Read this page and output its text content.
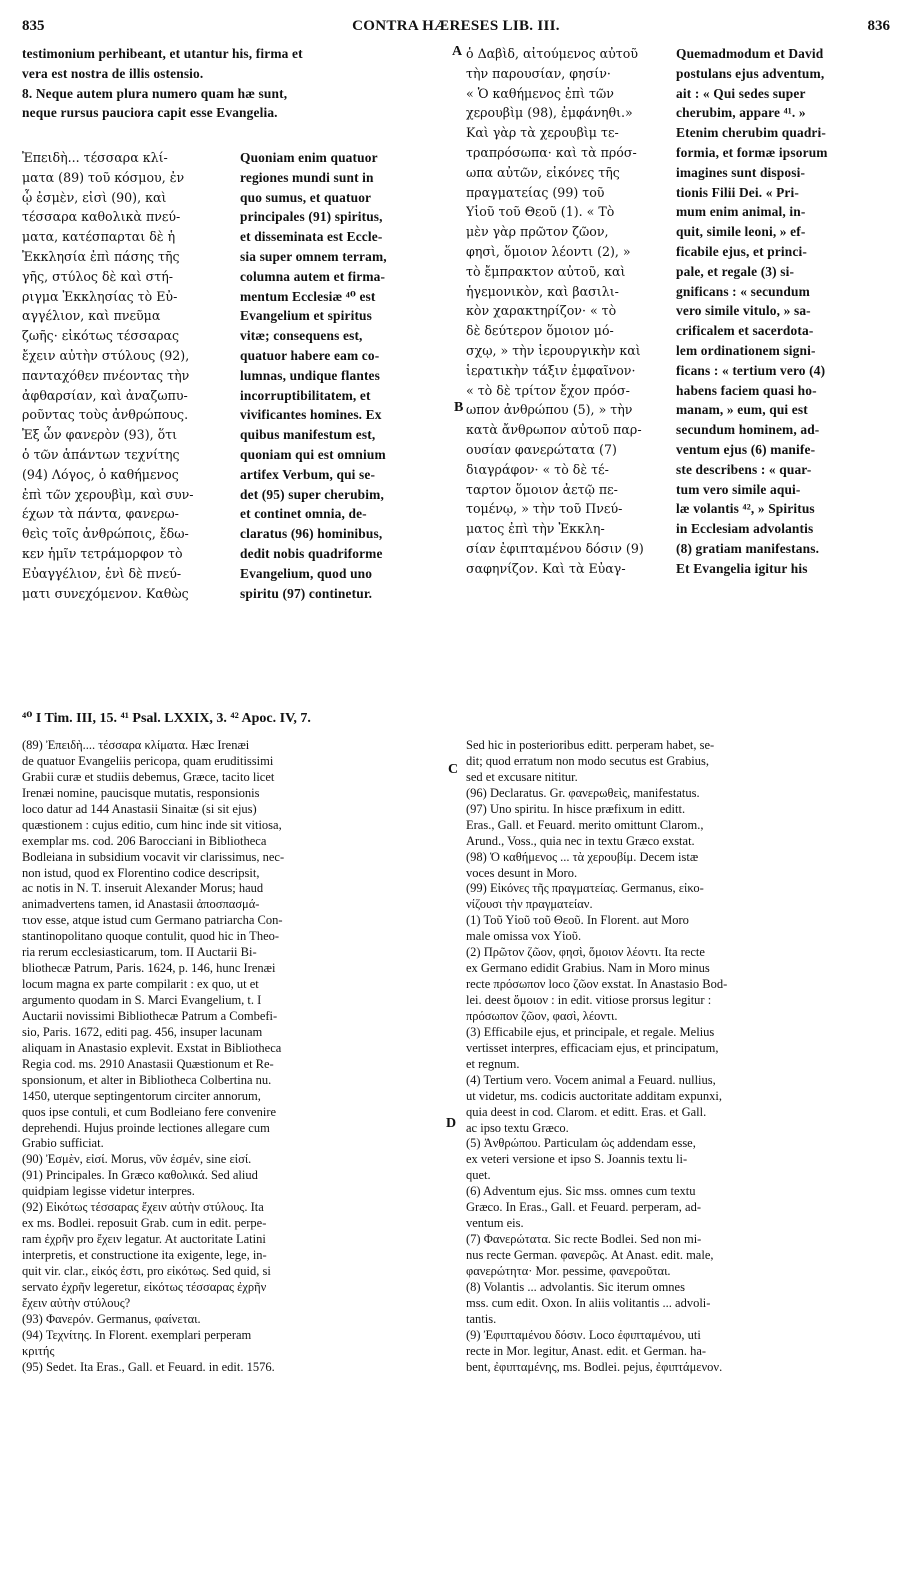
835	CONTRA HÆRESES LIB. III.	836
testimonium perhibeant, et utantur his, firma et
vera est nostra de illis ostensio.
8. Neque autem plura numero quam hæ sunt,
neque rursus pauciora capit esse Evangelia.
Ἐπειδὴ... τέσσαρα κλί-
ματα (89) τοῦ κόσμου, ἐν
ᾧ ἐσμὲν, εἰσὶ (90), καὶ
τέσσαρα καθολικὰ πνεύ-
ματα, κατέσπαρται δὲ ἡ
Ἐκκλησία ἐπὶ πάσης τῆς
γῆς, στύλος δὲ καὶ στή-
ριγμα Ἐκκλησίας τὸ Εὐ-
αγγέλιον, καὶ πνεῦμα
ζωῆς· εἰκότως τέσσαρας
ἔχειν αὐτὴν στύλους (92),
πανταχόθεν πνέοντας τὴν
ἀφθαρσίαν, καὶ ἀναζωπυ-
ροῦντας τοὺς ἀνθρώπους.
Ἐξ ὧν φανερὸν (93), ὅτι
ὁ τῶν ἁπάντων τεχνίτης
(94) Λόγος, ὁ καθήμενος
ἐπὶ τῶν χερουβὶμ, καὶ συν-
έχων τὰ πάντα, φανερω-
θεὶς τοῖς ἀνθρώποις, ἔδω-
κεν ἡμῖν τετράμορφον τὸ
Εὐαγγέλιον, ἑνὶ δὲ πνεύ-
ματι συνεχόμενον. Καθὼς
Quoniam enim quatuor
regiones mundi sunt in
quo sumus, et quatuor
principales (91) spiritus,
et disseminata est Eccle-
sia super omnem terram,
columna autem et firma-
mentum Ecclesiæ ⁴⁰ est
Evangelium et spiritus
vitæ; consequens est,
quatuor habere eam co-
lumnas, undique flantes
incorruptibilitatem, et
vivificantes homines. Ex
quibus manifestum est,
quoniam qui est omnium
artifex Verbum, qui se-
det (95) super cherubim,
et continet omnia, de-
claratus (96) hominibus,
dedit nobis quadriforme
Evangelium, quod uno
spiritu (97) continetur.
ὁ Δαβὶδ, αἰτούμενος αὐτοῦ
τὴν παρουσίαν, φησίν·
« Ὁ καθήμενος ἐπὶ τῶν
χερουβὶμ (98), ἐμφάνηθι.»
Καὶ γὰρ τὰ χερουβὶμ τε-
τραπρόσωπα· καὶ τὰ πρόσ-
ωπα αὐτῶν, εἰκόνες τῆς
πραγματείας (99) τοῦ
Υἱοῦ τοῦ Θεοῦ (1). « Τὸ
μὲν γὰρ πρῶτον ζῶον,
φησὶ, ὅμοιον λέοντι (2), »
τὸ ἔμπρακτον αὐτοῦ, καὶ
ἡγεμονικὸν, καὶ βασιλι-
κὸν χαρακτηρίζον· « τὸ
δὲ δεύτερον ὅμοιον μό-
σχῳ, » τὴν ἱερουργικὴν καὶ
ἱερατικὴν τάξιν ἐμφαῖνον·
« τὸ δὲ τρίτον ἔχον πρόσ-
ωπον ἀνθρώπου (5), » τὴν
κατὰ ἄνθρωπον αὐτοῦ παρ-
ουσίαν φανερώτατα (7)
διαγράφον· « τὸ δὲ τέ-
ταρτον ὅμοιον ἀετῷ πε-
τομένῳ, » τὴν τοῦ Πνεύ-
ματος ἐπὶ τὴν Ἐκκλη-
σίαν ἐφιπταμένου δόσιν (9)
σαφηνίζον. Καὶ τὰ Εὐαγ-
Quemadmodum et David
postulans ejus adventum,
ait : « Qui sedes super
cherubim, appare ⁴¹. »
Etenim cherubim quadri-
formia, et formæ ipsorum
imagines sunt disposi-
tionis Filii Dei. « Pri-
mum enim animal, in-
quit, simile leoni, » ef-
ficabile ejus, et princi-
pale, et regale (3) si-
gnificans : « secundum
vero simile vitulo, » sa-
crificalem et sacerdota-
lem ordinationem signi-
ficans : « tertium vero (4)
habens faciem quasi ho-
manam, » eum, qui est
secundum hominem, ad-
ventum ejus (6) manife-
ste describens : « quar-
tum vero simile aqui-
læ volantis ⁴², » Spiritus
in Ecclesiam advolantis
(8) gratiam manifestans.
Et Evangelia igitur his
A
B
C
D
⁴⁰ I Tim. III, 15. ⁴¹ Psal. LXXIX, 3. ⁴² Apoc. IV, 7.
(89) Ἐπειδὴ.... τέσσαρα κλίματα. Hæc Irenæi
de quatuor Evangeliis pericopa, quam eruditissimi
Grabii curæ et studiis debemus, Græce, tacito licet
Irenæi nomine, paucisque mutatis, responsionis
loco datur ad 144 Anastasii Sinaitæ (si sit ejus)
quæstionem : cujus editio, cum hinc inde sit vitiosa,
exemplar ms. cod. 206 Barocciani in Bibliotheca
Bodleiana in subsidium vocavit vir clarissimus, nec-
non istud, quod ex Florentino codice descripsit,
ac notis in N. T. inseruit Alexander Morus; haud
animadvertens tamen, id Anastasii ἀποσπασμά-
τιον esse, atque istud cum Germano patriarcha Con-
stantinopolitano quoque contulit, quod hic in Theo-
ria rerum ecclesiasticarum, tom. II Auctarii Bi-
bliothecæ Patrum, Paris. 1624, p. 146, hunc Irenæi
locum magna ex parte compilarit : ex quo, ut et
argumento quodam in S. Marci Evangelium, t. I
Auctarii novissimi Bibliothecæ Patrum a Combefi-
sio, Paris. 1672, editi pag. 456, insuper lacunam
aliquam in Anastasio explevit. Exstat in Bibliotheca
Regia cod. ms. 2910 Anastasii Quæstionum et Re-
sponsionum, et alter in Bibliotheca Colbertina nu.
1450, uterque septingentorum circiter annorum,
quos ipse contuli, et cum Bodleiano fere convenire
deprehendi. Hujus proinde lectiones allegare cum
Grabio sufficiat.
(90) Ἐσμὲν, εἰσί. Morus, νῦν ἐσμέν, sine εἰσί.
(91) Principales. In Græco καθολικά. Sed aliud
quidpiam legisse videtur interpres.
(92) Εἰκότως τέσσαρας ἔχειν αὐτὴν στύλους. Ita
ex ms. Bodlei. reposuit Grab. cum in edit. perpe-
ram ἐχρῆν pro ἔχειν legatur. At auctoritate Latini
interpretis, et constructione ita exigente, lege, in-
quit vir. clar., εἰκός ἐστι, pro εἰκότως. Sed quid, si
servato ἐχρῆν legeretur, εἰκότως τέσσαρας ἐχρῆν
ἔχειν αὐτὴν στύλους?
(93) Φανερόν. Germanus, φαίνεται.
(94) Τεχνίτης. In Florent. exemplari perperam
κριτής
(95) Sedet. Ita Eras., Gall. et Feuard. in edit. 1576.
Sed hic in posterioribus editt. perperam habet, se-
dit; quod erratum non modo secutus est Grabius,
sed et excusare nititur.
(96) Declaratus. Gr. φανερωθεὶς, manifestatus.
(97) Uno spiritu. In hisce præfixum in editt.
Eras., Gall. et Feuard. merito omittunt Clarom.,
Arund., Voss., quia nec in textu Græco exstat.
(98) Ὁ καθήμενος ... τὰ χερουβίμ. Decem istæ
voces desunt in Moro.
(99) Εἰκόνες τῆς πραγματείας. Germanus, εἰκο-
νίζουσι τὴν πραγματείαν.
(1) Τοῦ Υἱοῦ τοῦ Θεοῦ. In Florent. aut Moro
male omissa vox Υἱοῦ.
(2) Πρῶτον ζῶον, φησὶ, ὅμοιον λέοντι. Ita recte
ex Germano edidit Grabius. Nam in Moro minus
recte πρόσωπον loco ζῶον exstat. In Anastasio Bod-
lei. deest ὅμοιον : in edit. vitiose prorsus legitur :
πρόσωπον ζῶον, φασὶ, λέοντι.
(3) Efficabile ejus, et principale, et regale. Melius
vertisset interpres, efficaciam ejus, et principatum,
et regnum.
(4) Tertium vero. Vocem animal a Feuard. nullius,
ut videtur, ms. codicis auctoritate additam expunxi,
quia deest in cod. Clarom. et editt. Eras. et Gall.
ac ipso textu Græco.
(5) Ἀνθρώπου. Particulam ὡς addendam esse,
ex veteri versione et ipso S. Joannis textu li-
quet.
(6) Adventum ejus. Sic mss. omnes cum textu
Græco. In Eras., Gall. et Feuard. perperam, ad-
ventum eis.
(7) Φανερώτατα. Sic recte Bodlei. Sed non mi-
nus recte German. φανερῶς. At Anast. edit. male,
φανερώτητα· Mor. pessime, φανεροῦται.
(8) Volantis ... advolantis. Sic iterum omnes
mss. cum edit. Oxon. In aliis volitantis ... advoli-
tantis.
(9) Ἐφιπταμένου δόσιν. Loco ἐφιπταμένου, uti
recte in Mor. legitur, Anast. edit. et German. ha-
bent, ἐφιπταμένης, ms. Bodlei. pejus, ἐφιπτάμενον.
